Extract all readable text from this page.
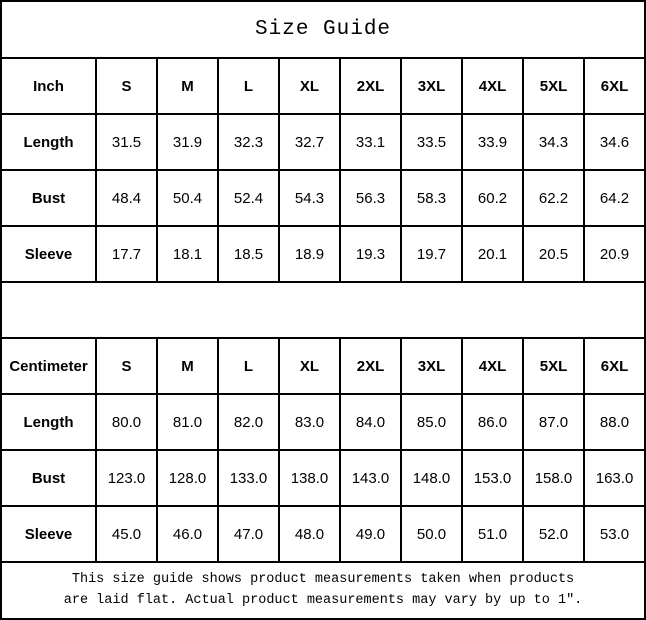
Size Guide									
Inch	S	M	L	XL	2XL	3XL	4XL	5XL	6XL
Length	31.5	31.9	32.3	32.7	33.1	33.5	33.9	34.3	34.6
Bust	48.4	50.4	52.4	54.3	56.3	58.3	60.2	62.2	64.2
Sleeve	17.7	18.1	18.5	18.9	19.3	19.7	20.1	20.5	20.9

Centimeter	S	M	L	XL	2XL	3XL	4XL	5XL	6XL
Length	80.0	81.0	82.0	83.0	84.0	85.0	86.0	87.0	88.0
Bust	123.0	128.0	133.0	138.0	143.0	148.0	153.0	158.0	163.0
Sleeve	45.0	46.0	47.0	48.0	49.0	50.0	51.0	52.0	53.0

This size guide shows product measurements taken when products
are laid flat. Actual product measurements may vary by up to 1″.									
